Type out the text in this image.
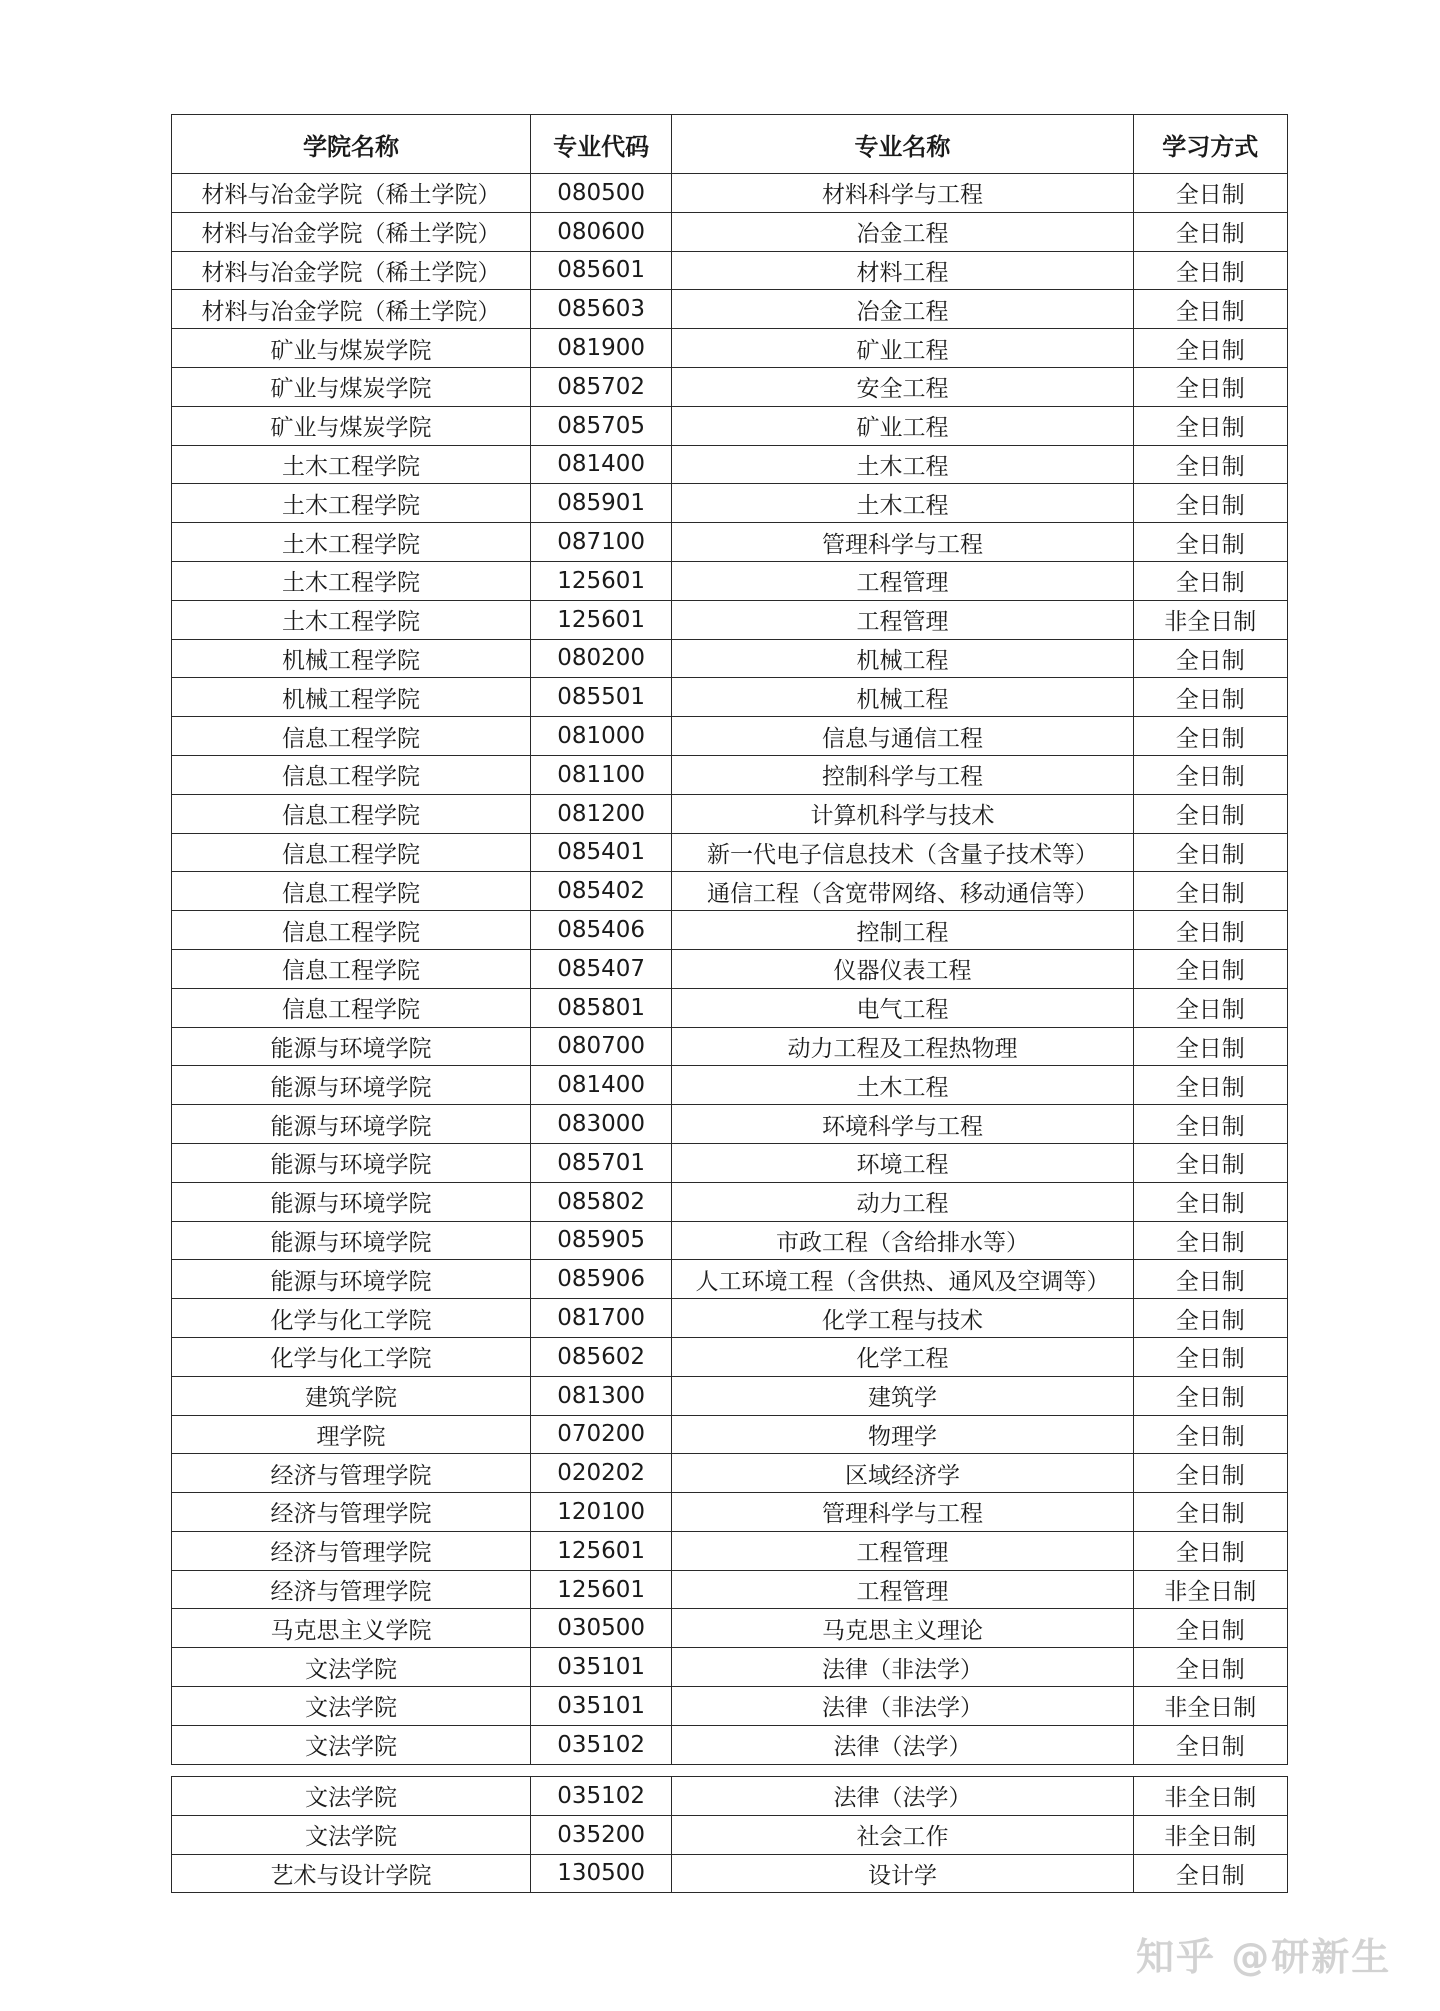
学院名称	专业代码	专业名称	学习方式
材料与冶金学院（稀土学院）	080500	材料科学与工程	全日制
材料与冶金学院（稀土学院）	080600	冶金工程	全日制
材料与冶金学院（稀土学院）	085601	材料工程	全日制
材料与冶金学院（稀土学院）	085603	冶金工程	全日制
矿业与煤炭学院	081900	矿业工程	全日制
矿业与煤炭学院	085702	安全工程	全日制
矿业与煤炭学院	085705	矿业工程	全日制
土木工程学院	081400	土木工程	全日制
土木工程学院	085901	土木工程	全日制
土木工程学院	087100	管理科学与工程	全日制
土木工程学院	125601	工程管理	全日制
土木工程学院	125601	工程管理	非全日制
机械工程学院	080200	机械工程	全日制
机械工程学院	085501	机械工程	全日制
信息工程学院	081000	信息与通信工程	全日制
信息工程学院	081100	控制科学与工程	全日制
信息工程学院	081200	计算机科学与技术	全日制
信息工程学院	085401	新一代电子信息技术（含量子技术等）	全日制
信息工程学院	085402	通信工程（含宽带网络、移动通信等）	全日制
信息工程学院	085406	控制工程	全日制
信息工程学院	085407	仪器仪表工程	全日制
信息工程学院	085801	电气工程	全日制
能源与环境学院	080700	动力工程及工程热物理	全日制
能源与环境学院	081400	土木工程	全日制
能源与环境学院	083000	环境科学与工程	全日制
能源与环境学院	085701	环境工程	全日制
能源与环境学院	085802	动力工程	全日制
能源与环境学院	085905	市政工程（含给排水等）	全日制
能源与环境学院	085906	人工环境工程（含供热、通风及空调等）	全日制
化学与化工学院	081700	化学工程与技术	全日制
化学与化工学院	085602	化学工程	全日制
建筑学院	081300	建筑学	全日制
理学院	070200	物理学	全日制
经济与管理学院	020202	区域经济学	全日制
经济与管理学院	120100	管理科学与工程	全日制
经济与管理学院	125601	工程管理	全日制
经济与管理学院	125601	工程管理	非全日制
马克思主义学院	030500	马克思主义理论	全日制
文法学院	035101	法律（非法学）	全日制
文法学院	035101	法律（非法学）	非全日制
文法学院	035102	法律（法学）	全日制
文法学院	035102	法律（法学）	非全日制
文法学院	035200	社会工作	非全日制
艺术与设计学院	130500	设计学	全日制
知乎 @研新生
